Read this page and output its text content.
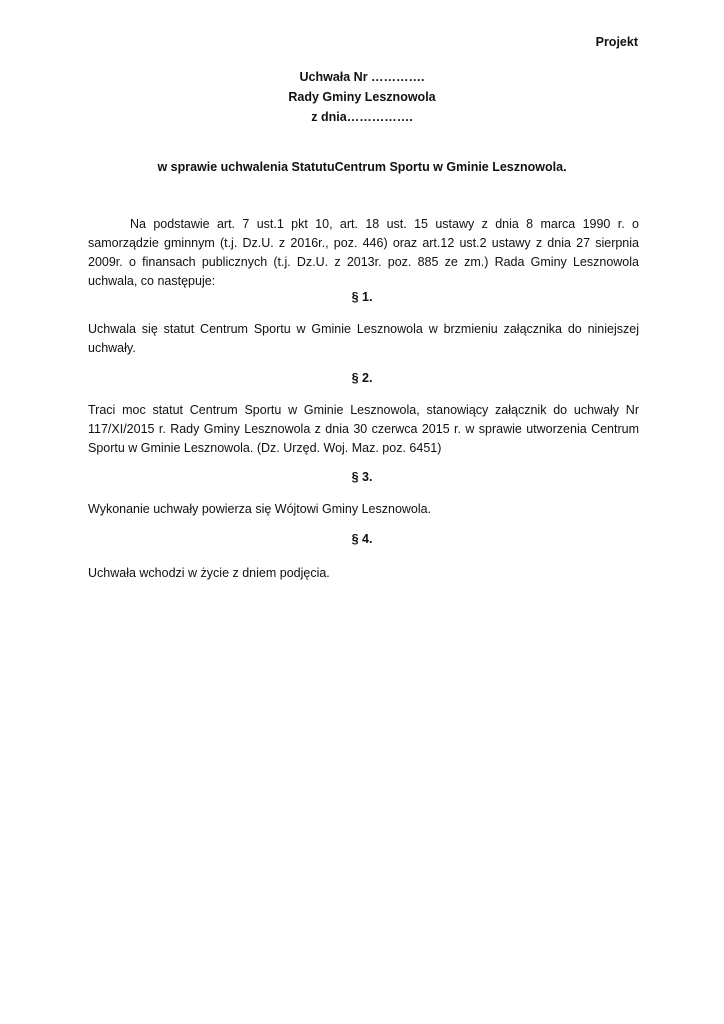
Projekt
Uchwała Nr ………….
Rady Gminy Lesznowola
z dnia…………….
w sprawie uchwalenia StatutuCentrum Sportu w Gminie Lesznowola.

Na podstawie art. 7 ust.1 pkt 10, art. 18 ust. 15 ustawy z dnia 8 marca 1990 r. o samorządzie gminnym (t.j. Dz.U. z 2016r., poz. 446) oraz art.12 ust.2 ustawy z dnia 27 sierpnia 2009r. o finansach publicznych (t.j. Dz.U. z 2013r. poz. 885 ze zm.) Rada Gminy Lesznowola uchwala, co następuje:

§ 1.

Uchwala się statut Centrum Sportu w Gminie Lesznowola w brzmieniu załącznika do niniejszej uchwały.

§ 2.

Traci moc statut Centrum Sportu w Gminie Lesznowola, stanowiący załącznik do uchwały Nr 117/XI/2015 r. Rady Gminy Lesznowola z dnia 30 czerwca 2015 r. w sprawie utworzenia Centrum Sportu w Gminie Lesznowola. (Dz. Urzęd. Woj. Maz. poz. 6451)

§ 3.

Wykonanie uchwały powierza się Wójtowi Gminy Lesznowola.

§ 4.

Uchwała wchodzi w życie z dniem podjęcia.
